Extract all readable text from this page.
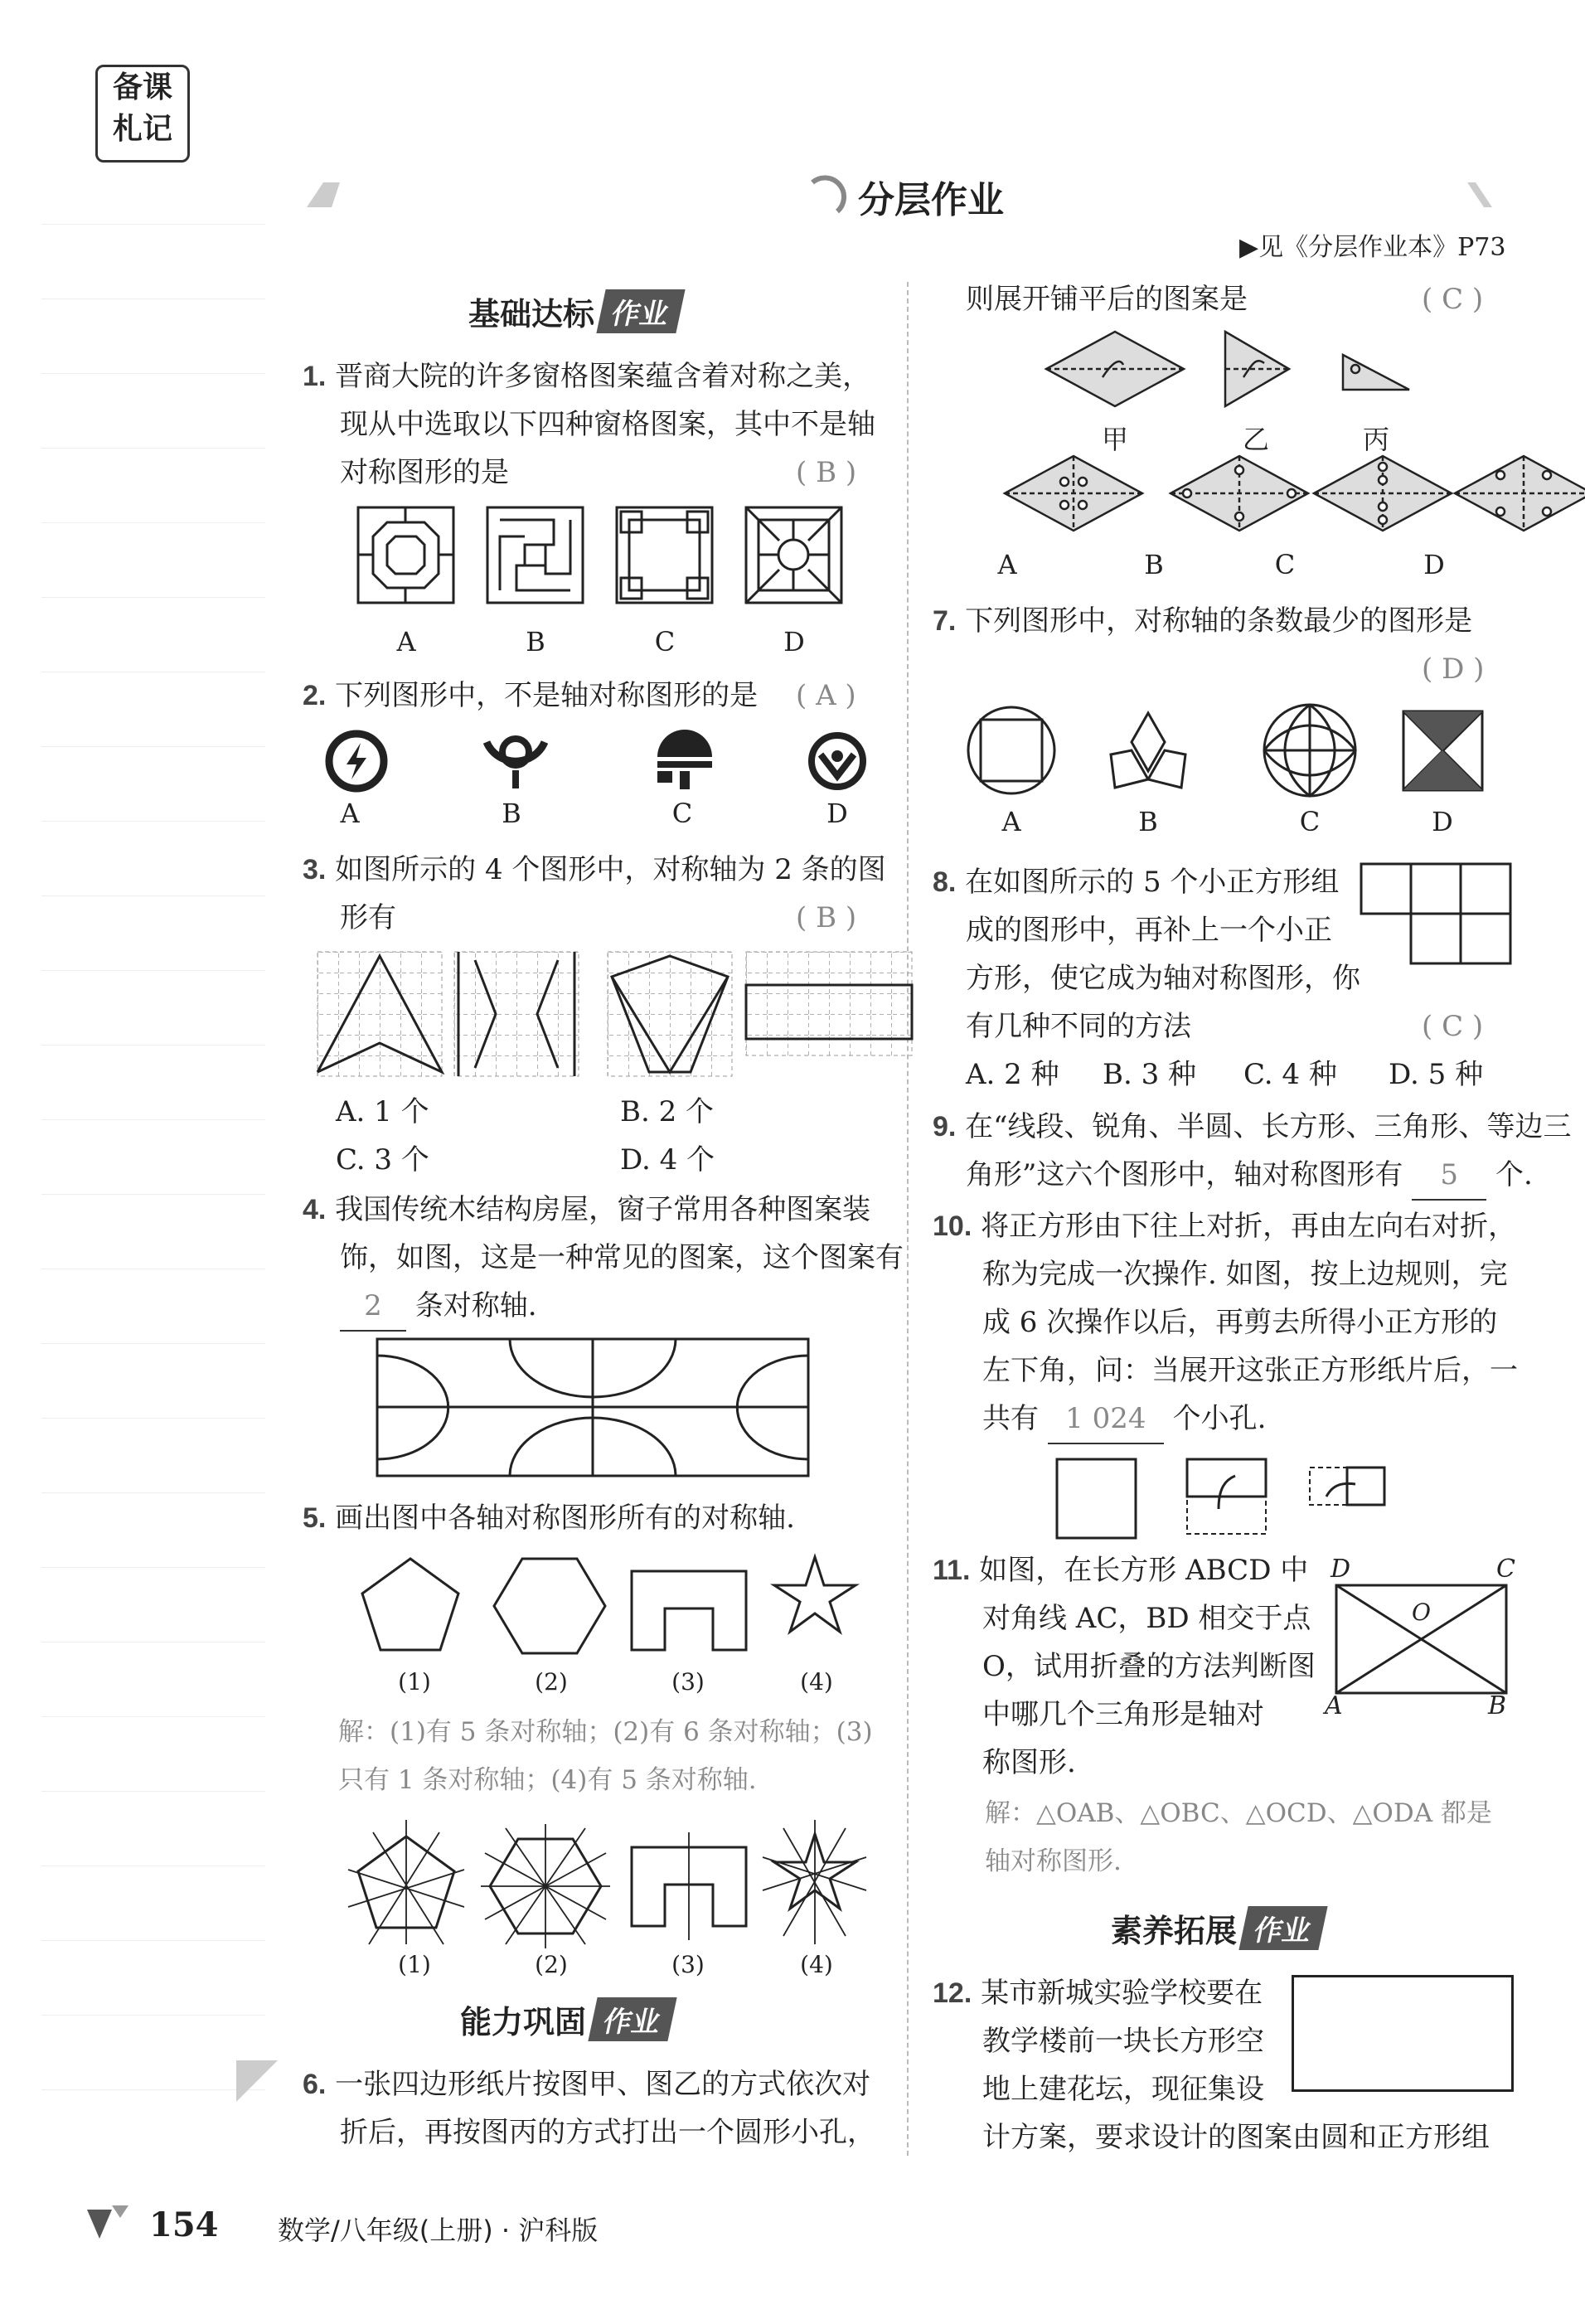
备课
札记
分层作业
▶见《分层作业本》P73
基础达标 作业
1. 晋商大院的许多窗格图案蕴含着对称之美，
现从中选取以下四种窗格图案，其中不是轴
对称图形的是	( B )
A	B	C	D
2. 下列图形中，不是轴对称图形的是 ( A )
A	B	C	D
3. 如图所示的 4 个图形中，对称轴为 2 条的图
形有	( B )
A. 1 个	B. 2 个
C. 3 个	D. 4 个
4. 我国传统木结构房屋，窗子常用各种图案装
饰，如图，这是一种常见的图案，这个图案有
2 条对称轴.
5. 画出图中各轴对称图形所有的对称轴.
(1)	(2)	(3)	(4)
解：(1)有 5 条对称轴；(2)有 6 条对称轴；(3)
只有 1 条对称轴；(4)有 5 条对称轴.
(1)	(2)	(3)	(4)
能力巩固 作业
6. 一张四边形纸片按图甲、图乙的方式依次对
折后，再按图丙的方式打出一个圆形小孔，
则展开铺平后的图案是	( C )
甲	乙	丙
A	B	C	D
7. 下列图形中，对称轴的条数最少的图形是
( D )
A	B	C	D
8. 在如图所示的 5 个小正方形组
成的图形中，再补上一个小正
方形，使它成为轴对称图形，你
有几种不同的方法	( C )
A. 2 种 B. 3 种 C. 4 种 D. 5 种
9. 在“线段、锐角、半圆、长方形、三角形、等边三
角形”这六个图形中，轴对称图形有 5 个.
10. 将正方形由下往上对折，再由左向右对折，
称为完成一次操作. 如图，按上边规则，完
成 6 次操作以后，再剪去所得小正方形的
左下角，问：当展开这张正方形纸片后，一
共有 1 024 个小孔.
11. 如图，在长方形 ABCD 中
对角线 AC，BD 相交于点
O，试用折叠的方法判断图
中哪几个三角形是轴对
称图形.
D	C
O
A	B
解：△OAB、△OBC、△OCD、△ODA 都是
轴对称图形.
素养拓展 作业
12. 某市新城实验学校要在
教学楼前一块长方形空
地上建花坛，现征集设
计方案，要求设计的图案由圆和正方形组
154 数学/八年级(上册) · 沪科版
